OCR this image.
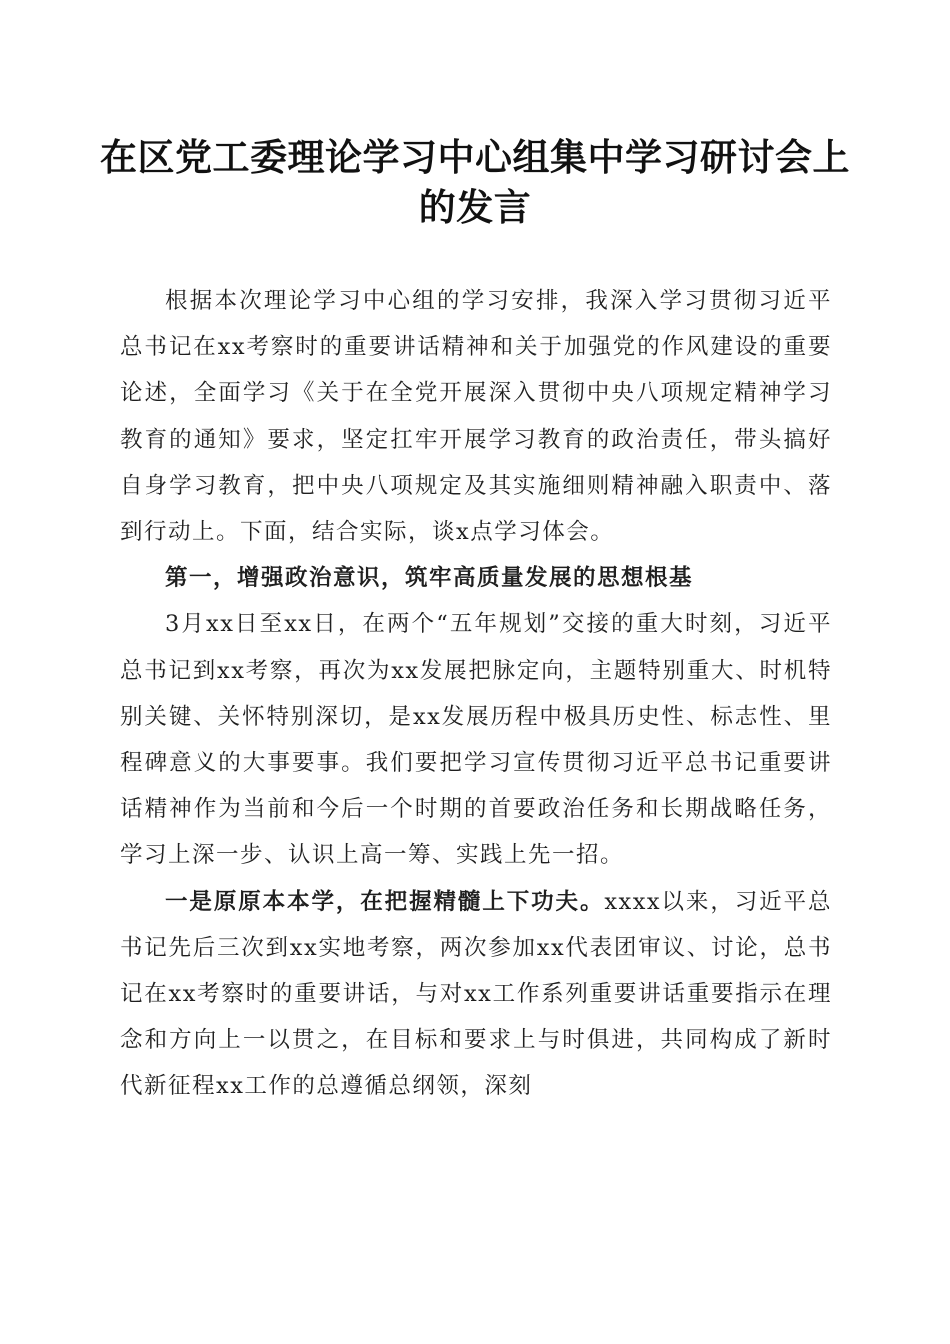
在区党工委理论学习中心组集中学习研讨会上
的发言

根据本次理论学习中心组的学习安排，我深入学习贯彻习近平总书记在xx考察时的重要讲话精神和关于加强党的作风建设的重要论述，全面学习《关于在全党开展深入贯彻中央八项规定精神学习教育的通知》要求，坚定扛牢开展学习教育的政治责任，带头搞好自身学习教育，把中央八项规定及其实施细则精神融入职责中、落到行动上。下面，结合实际，谈x点学习体会。

第一，增强政治意识，筑牢高质量发展的思想根基

3月xx日至xx日，在两个“五年规划”交接的重大时刻，习近平总书记到xx考察，再次为xx发展把脉定向，主题特别重大、时机特别关键、关怀特别深切，是xx发展历程中极具历史性、标志性、里程碑意义的大事要事。我们要把学习宣传贯彻习近平总书记重要讲话精神作为当前和今后一个时期的首要政治任务和长期战略任务，学习上深一步、认识上高一筹、实践上先一招。

一是原原本本学，在把握精髓上下功夫。xxxx以来，习近平总书记先后三次到xx实地考察，两次参加xx代表团审议、讨论，总书记在xx考察时的重要讲话，与对xx工作系列重要讲话重要指示在理念和方向上一以贯之，在目标和要求上与时俱进，共同构成了新时代新征程xx工作的总遵循总纲领，深刻
